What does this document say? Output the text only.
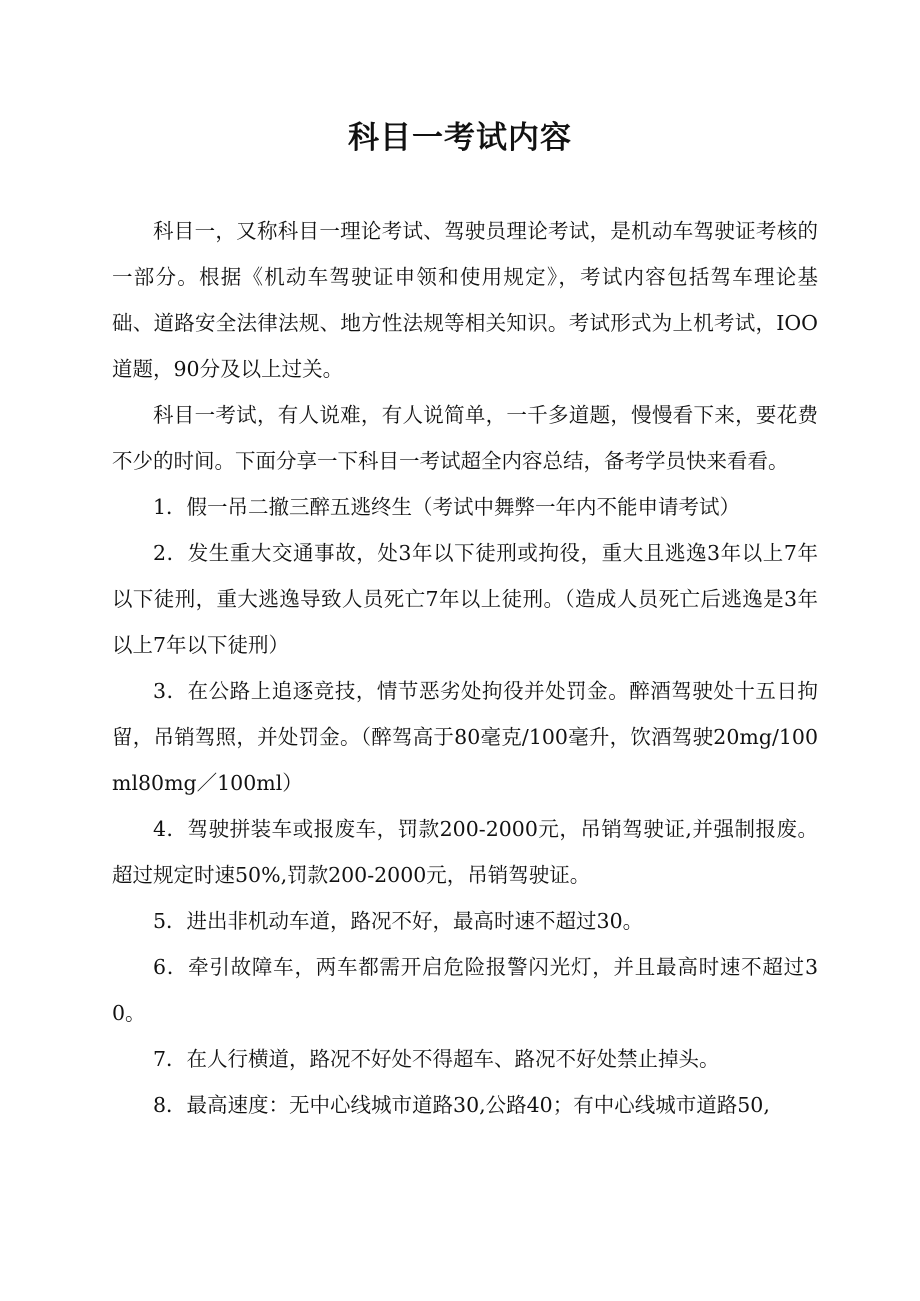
科目一考试内容

科目一，又称科目一理论考试、驾驶员理论考试，是机动车驾驶证考核的一部分。根据《机动车驾驶证申领和使用规定》，考试内容包括驾车理论基础、道路安全法律法规、地方性法规等相关知识。考试形式为上机考试，IOO道题，90分及以上过关。

科目一考试，有人说难，有人说简单，一千多道题，慢慢看下来，要花费不少的时间。下面分享一下科目一考试超全内容总结，备考学员快来看看。

1．假一吊二撤三醉五逃终生（考试中舞弊一年内不能申请考试）

2．发生重大交通事故，处3年以下徒刑或拘役，重大且逃逸3年以上7年以下徒刑，重大逃逸导致人员死亡7年以上徒刑。（造成人员死亡后逃逸是3年以上7年以下徒刑）

3．在公路上追逐竞技，情节恶劣处拘役并处罚金。醉酒驾驶处十五日拘留，吊销驾照，并处罚金。（醉驾高于80毫克/100毫升，饮酒驾驶20mg/100ml80mg／100ml）

4．驾驶拼装车或报废车，罚款200-2000元，吊销驾驶证,并强制报废。超过规定时速50%,罚款200-2000元，吊销驾驶证。

5．进出非机动车道，路况不好，最高时速不超过30。

6．牵引故障车，两车都需开启危险报警闪光灯，并且最高时速不超过30。

7．在人行横道，路况不好处不得超车、路况不好处禁止掉头。

8．最高速度：无中心线城市道路30,公路40；有中心线城市道路50,
